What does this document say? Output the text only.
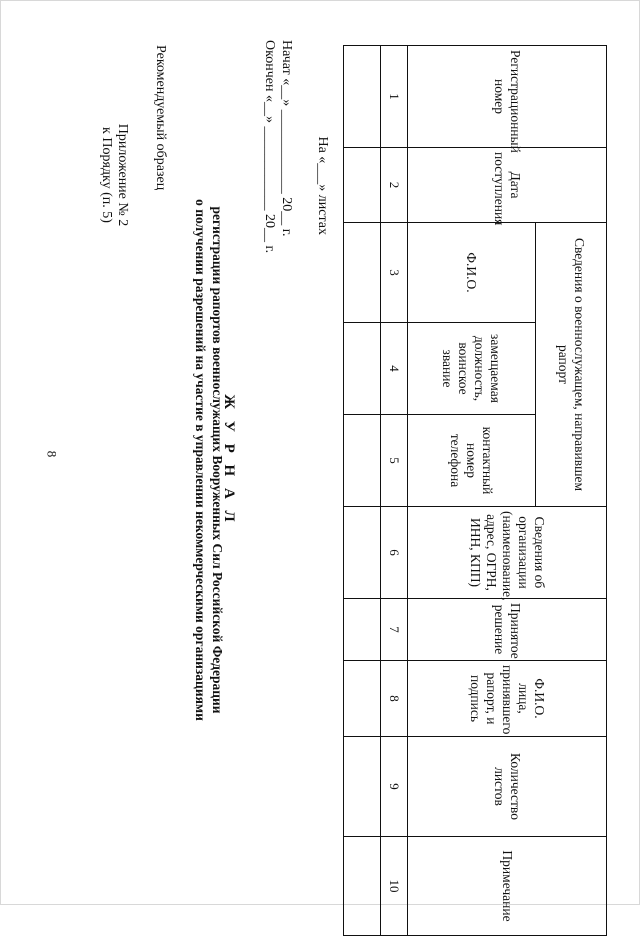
8
Приложение № 2
к Порядку (п. 5)	Рекомендуемый образец
Ж У Р Н А Л
регистрации рапортов военнослужащих Вооруженных Сил Российской Федерации
о получении разрешений на участие в управлении некоммерческими организациями
Начат «__» ____________ 20__ г.
Окончен «__» ____________ 20__ г.	На «___» листах
Регистрационный номер	Дата поступления	Сведения о военнослужащем, направившем рапорт			Сведения об организации (наименование, адрес, ОГРН, ИНН, КПП)	Принятое решение	Ф.И.О. лица, принявшего рапорт, и подпись	Количество листов	Примечание
		Ф.И.О.	замещаемая должность, воинское звание	контактный номер телефона					
1	2	3	4	5	6	7	8	9	10
